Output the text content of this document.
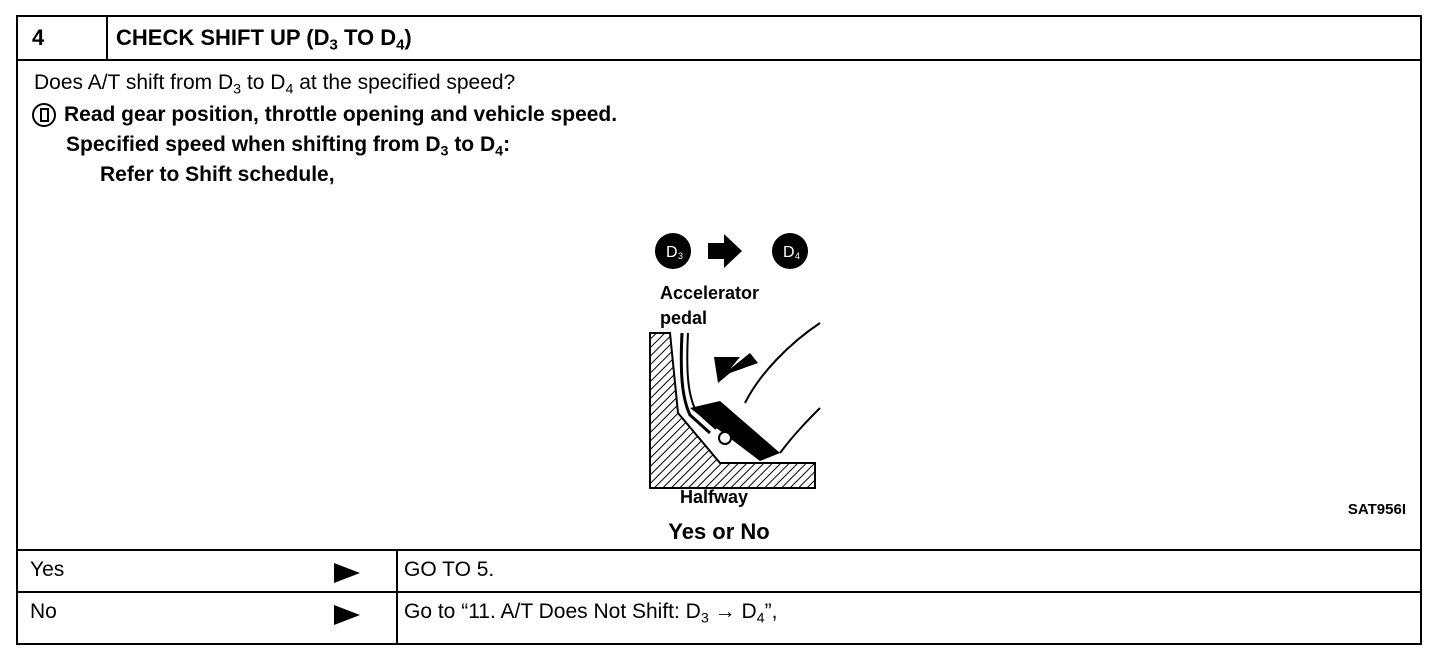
4	CHECK SHIFT UP ($D_3$ TO $D_4$)
Does A/T shift from $D_3$ to $D_4$ at the specified speed?
Read gear position, throttle opening and vehicle speed.
Specified speed when shifting from $D_3$ to $D_4$:
Refer to Shift schedule,
D 3	D 4
Accelerator
pedal
Halfway
SAT956I
Yes or No
Yes	GO TO 5.
No	Go to “11. A/T Does Not Shift: $D_3 \to D_4$”,
